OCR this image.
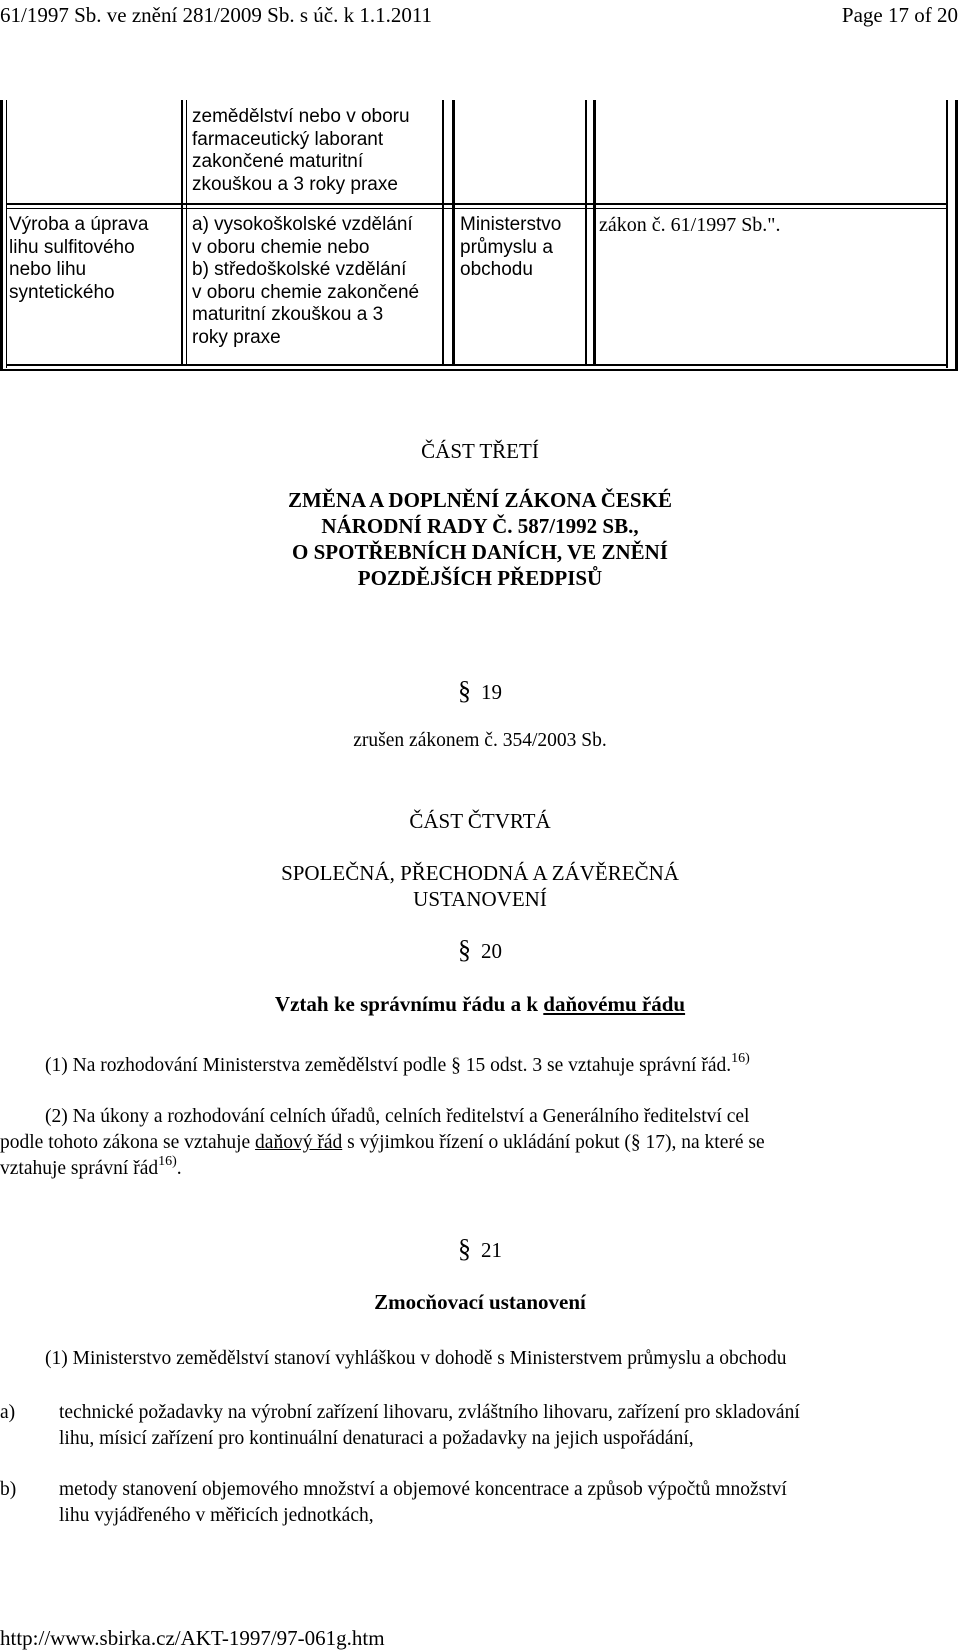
61/1997 Sb. ve znění 281/2009 Sb. s úč. k 1.1.2011	Page 17 of 20
zemědělství nebo v oboru
farmaceutický laborant
zakončené maturitní
zkouškou a 3 roky praxe
Výroba a úprava
lihu sulfitového
nebo lihu
syntetického
a) vysokoškolské vzdělání
v oboru chemie nebo
b) středoškolské vzdělání
v oboru chemie zakončené
maturitní zkouškou a 3
roky praxe
Ministerstvo
průmyslu a
obchodu
zákon č. 61/1997 Sb.".
ČÁST TŘETÍ
ZMĚNA A DOPLNĚNÍ ZÁKONA ČESKÉ
NÁRODNÍ RADY Č. 587/1992 SB.,
O SPOTŘEBNÍCH DANÍCH, VE ZNĚNÍ
POZDĚJŠÍCH PŘEDPISŮ
§ 19
zrušen zákonem č. 354/2003 Sb.
ČÁST ČTVRTÁ
SPOLEČNÁ, PŘECHODNÁ A ZÁVĚREČNÁ
USTANOVENÍ
§ 20
Vztah ke správnímu řádu a k daňovému řádu
(1) Na rozhodování Ministerstva zemědělství podle § 15 odst. 3 se vztahuje správní řád.$^{16)}$
(2) Na úkony a rozhodování celních úřadů, celních ředitelství a Generálního ředitelství cel
podle tohoto zákona se vztahuje daňový řád s výjimkou řízení o ukládání pokut (§ 17), na které se
vztahuje správní řád$^{16)}$.
§ 21
Zmocňovací ustanovení
(1) Ministerstvo zemědělství stanoví vyhláškou v dohodě s Ministerstvem průmyslu a obchodu
a) technické požadavky na výrobní zařízení lihovaru, zvláštního lihovaru, zařízení pro skladování
lihu, mísicí zařízení pro kontinuální denaturaci a požadavky na jejich uspořádání,
b) metody stanovení objemového množství a objemové koncentrace a způsob výpočtů množství
lihu vyjádřeného v měřicích jednotkách,
http://www.sbirka.cz/AKT-1997/97-061g.htm
